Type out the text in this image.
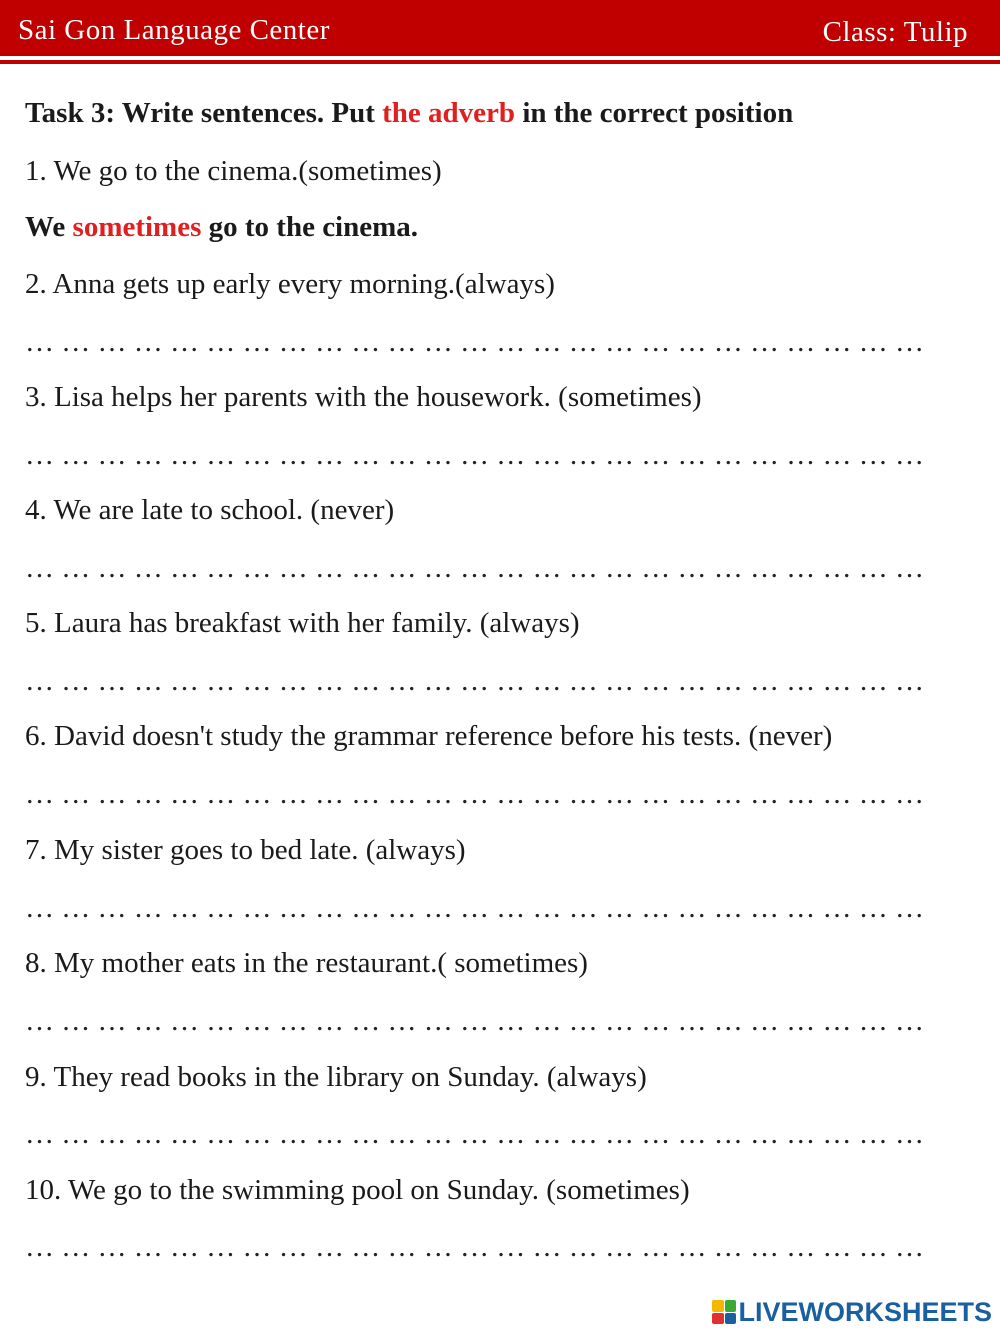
Sai Gon Language Center	Class: Tulip
Task 3: Write sentences. Put the adverb in the correct position
1. We go to the cinema.(sometimes)
We sometimes go to the cinema.
2. Anna gets up early every morning.(always)
… … … … … … … … … … … … … … … … … … … … … … … … …
3. Lisa helps her parents with the housework. (sometimes)
… … … … … … … … … … … … … … … … … … … … … … … … …
4. We are late to school. (never)
… … … … … … … … … … … … … … … … … … … … … … … … …
5. Laura has breakfast with her family. (always)
… … … … … … … … … … … … … … … … … … … … … … … … …
6. David doesn't study the grammar reference before his tests. (never)
… … … … … … … … … … … … … … … … … … … … … … … … …
7. My sister goes to bed late. (always)
… … … … … … … … … … … … … … … … … … … … … … … … …
8. My mother eats in the restaurant.( sometimes)
… … … … … … … … … … … … … … … … … … … … … … … … …
9. They read books in the library on Sunday. (always)
… … … … … … … … … … … … … … … … … … … … … … … … …
10. We go to the swimming pool on Sunday. (sometimes)
… … … … … … … … … … … … … … … … … … … … … … … … …
LIVEWORKSHEETS
